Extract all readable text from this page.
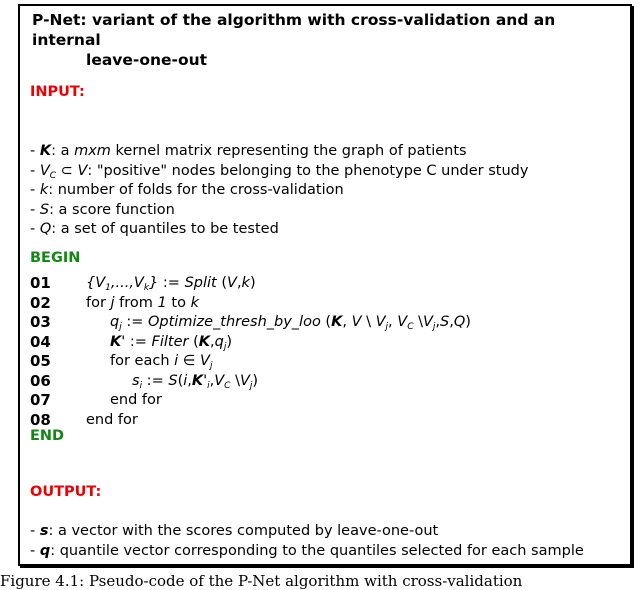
P-Net: variant of the algorithm with cross-validation and an internal
leave-one-out
INPUT:
- K: a mxm kernel matrix representing the graph of patients
- $V_C$ ⊂ V: "positive" nodes belonging to the phenotype C under study
- k: number of folds for the cross-validation
- S: a score function
- Q: a set of quantiles to be tested
BEGIN
01	$\{V_1,...,V_k\}$ := Split (V,k)
02	for j from 1 to k
03	$q_j$ := Optimize_thresh_by_loo (K, V \ $V_j$, $V_C$ $\backslash V_j,S,Q$)
04	K' := Filter $(K,q_j)$
05	for each i ∈ $V_j$
06	$s_i$ := $S(i,K'_i,V_C$ $\backslash V_j$)
07	end for
08	end for
END
OUTPUT:
- s: a vector with the scores computed by leave-one-out
- q: quantile vector corresponding to the quantiles selected for each sample
Figure 4.1: Pseudo-code of the P-Net algorithm with cross-validation
